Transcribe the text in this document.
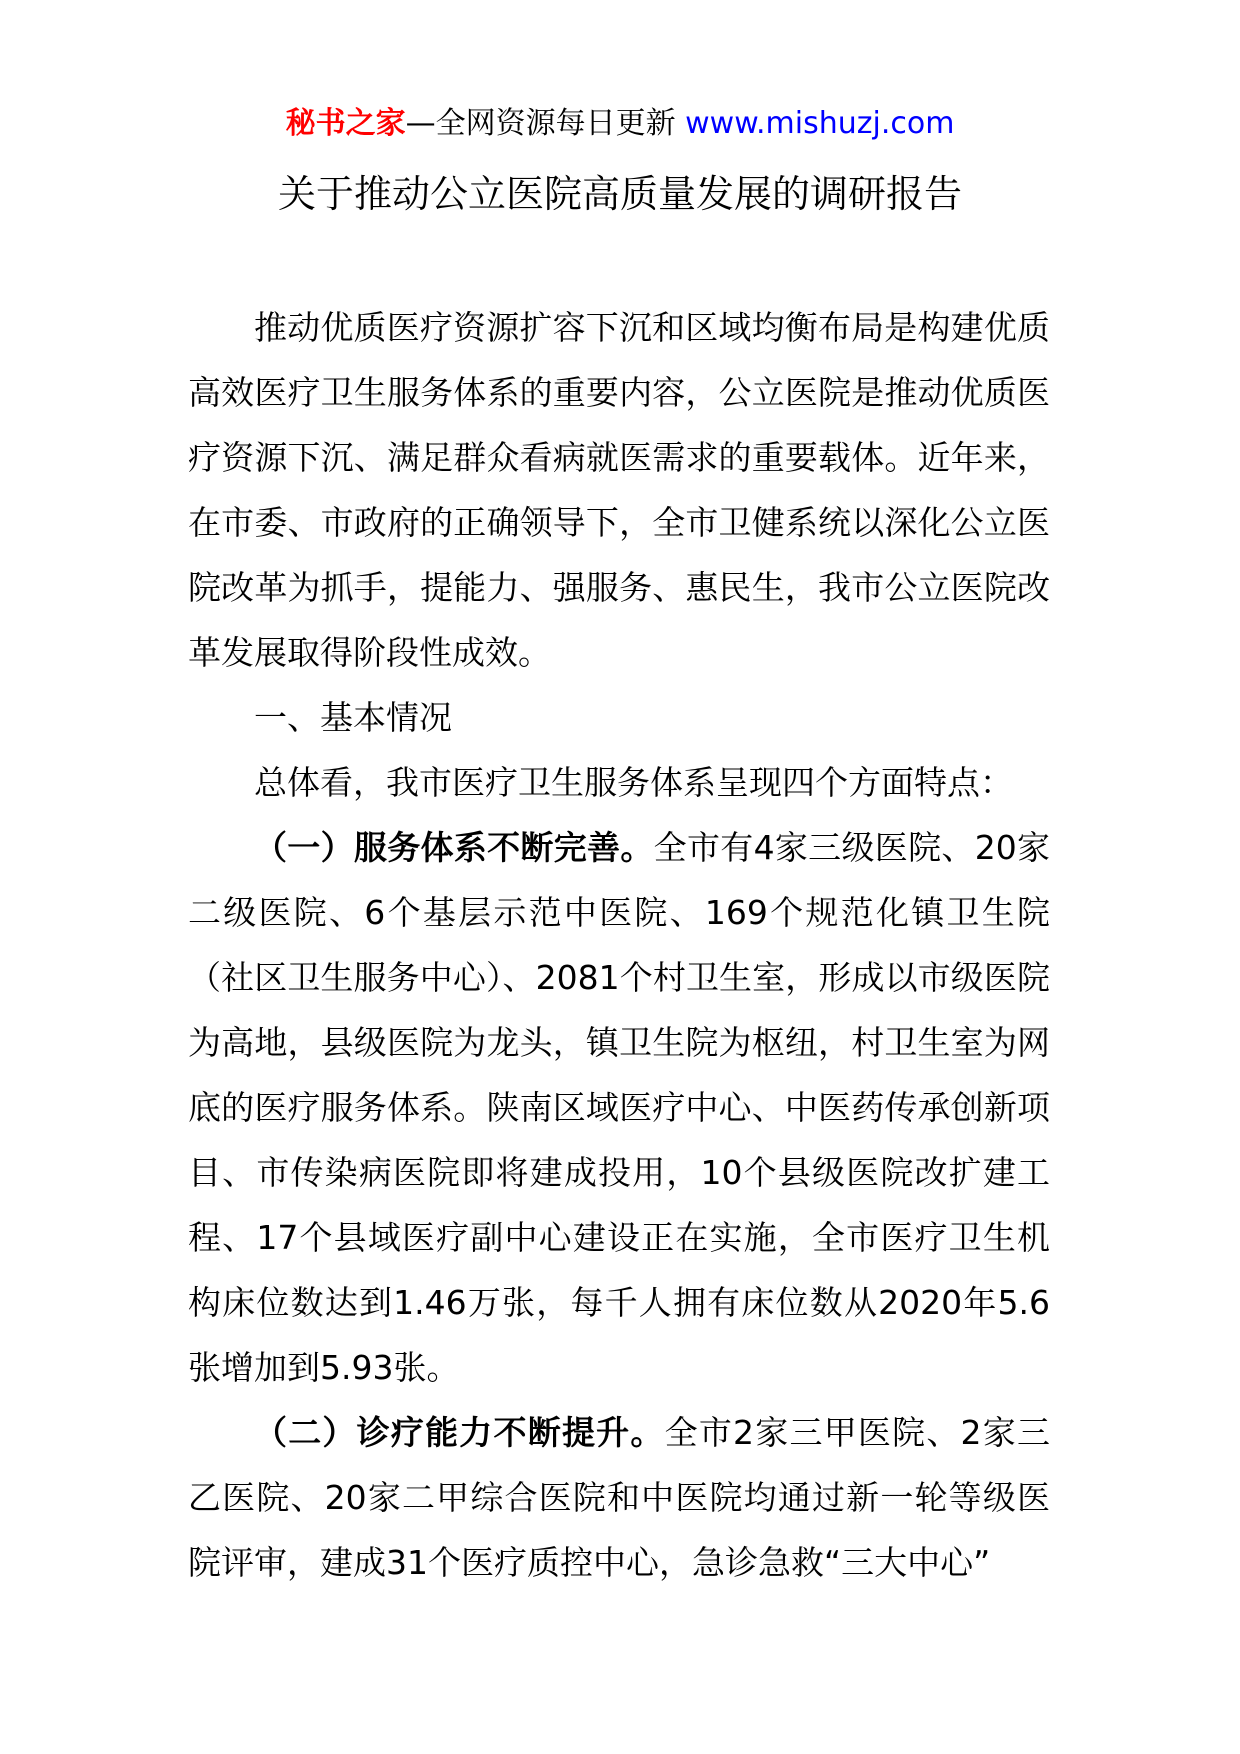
秘书之家—全网资源每日更新 www.mishuzj.com
关于推动公立医院高质量发展的调研报告

推动优质医疗资源扩容下沉和区域均衡布局是构建优质高效医疗卫生服务体系的重要内容，公立医院是推动优质医疗资源下沉、满足群众看病就医需求的重要载体。近年来，在市委、市政府的正确领导下，全市卫健系统以深化公立医院改革为抓手，提能力、强服务、惠民生，我市公立医院改革发展取得阶段性成效。

一、基本情况

总体看，我市医疗卫生服务体系呈现四个方面特点：

（一）服务体系不断完善。全市有4家三级医院、20家二级医院、6个基层示范中医院、169个规范化镇卫生院（社区卫生服务中心）、2081个村卫生室，形成以市级医院为高地，县级医院为龙头，镇卫生院为枢纽，村卫生室为网底的医疗服务体系。陕南区域医疗中心、中医药传承创新项目、市传染病医院即将建成投用，10个县级医院改扩建工程、17个县域医疗副中心建设正在实施，全市医疗卫生机构床位数达到1.46万张，每千人拥有床位数从2020年5.6张增加到5.93张。

（二）诊疗能力不断提升。全市2家三甲医院、2家三乙医院、20家二甲综合医院和中医院均通过新一轮等级医院评审，建成31个医疗质控中心，急诊急救“三大中心”
